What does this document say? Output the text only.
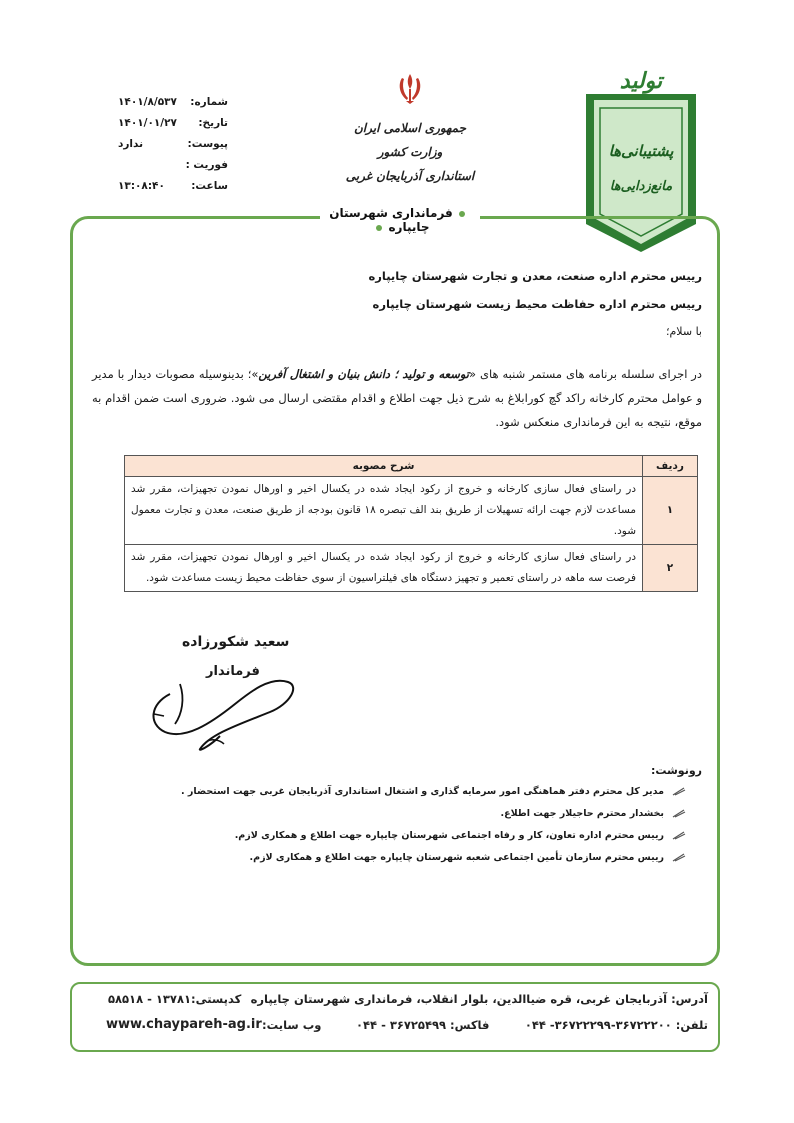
شماره:
۱۴۰۱/۸/۵۳۷
تاریخ:
۱۴۰۱/۰۱/۲۷
پیوست:
ندارد
فوریت :
ساعت:
۱۳:۰۸:۴۰
جمهوری اسلامی ایران
وزارت کشور
استانداری آذربایجان غربی
تولید
پشتیبانی‌ها
مانع‌زدایی‌ها
فرمانداری شهرستان چایپاره
رییس محترم اداره صنعت، معدن و تجارت شهرستان چایپاره
رییس محترم اداره حفاظت محیط زیست شهرستان چایپاره
با سلام؛
در اجرای سلسله برنامه های مستمر شنبه های «توسعه و تولید ؛ دانش بنیان و اشتغال آفرین»؛ بدینوسیله مصوبات دیدار با مدیر و عوامل محترم کارخانه راکد گچ کورابلاغ به شرح ذیل جهت اطلاع و اقدام مقتضی ارسال می شود. ضروری است ضمن اقدام به موقع، نتیجه به این فرمانداری منعکس شود.
ردیف	شرح مصوبه
۱	در راستای فعال سازی کارخانه و خروج از رکود ایجاد شده در یکسال اخیر و اورهال نمودن تجهیزات، مقرر شد مساعدت لازم جهت ارائه تسهیلات از طریق بند الف تبصره ۱۸ قانون بودجه از طریق صنعت، معدن و تجارت معمول شود.
۲	در راستای فعال سازی کارخانه و خروج از رکود ایجاد شده در یکسال اخیر و اورهال نمودن تجهیزات، مقرر شد فرصت سه ماهه در راستای تعمیر و تجهیز دستگاه های فیلتراسیون از سوی حفاظت محیط زیست مساعدت شود.
سعید شکورزاده
فرماندار
رونوشت:
مدیر کل محترم دفتر هماهنگی امور سرمایه گذاری و اشتغال استانداری آذربایجان غربی جهت استحضار .
بخشدار محترم حاجیلار جهت اطلاع.
رییس محترم اداره تعاون، کار و رفاه اجتماعی شهرستان چایپاره جهت اطلاع و همکاری لازم.
رییس محترم سازمان تأمین اجتماعی شعبه شهرستان چایپاره جهت اطلاع و همکاری لازم.
آدرس: آذربایجان غربی، قره ضیاالدین، بلوار انقلاب، فرمانداری شهرستان چایپاره
کدپستی:۱۳۷۸۱ - ۵۸۵۱۸
تلفن: ۳۶۷۲۲۲۰۰-۳۶۷۲۲۲۹۹- ۰۴۴
فاکس: ۳۶۷۲۵۴۹۹ - ۰۴۴
وب سایت:
www.chaypareh-ag.ir
